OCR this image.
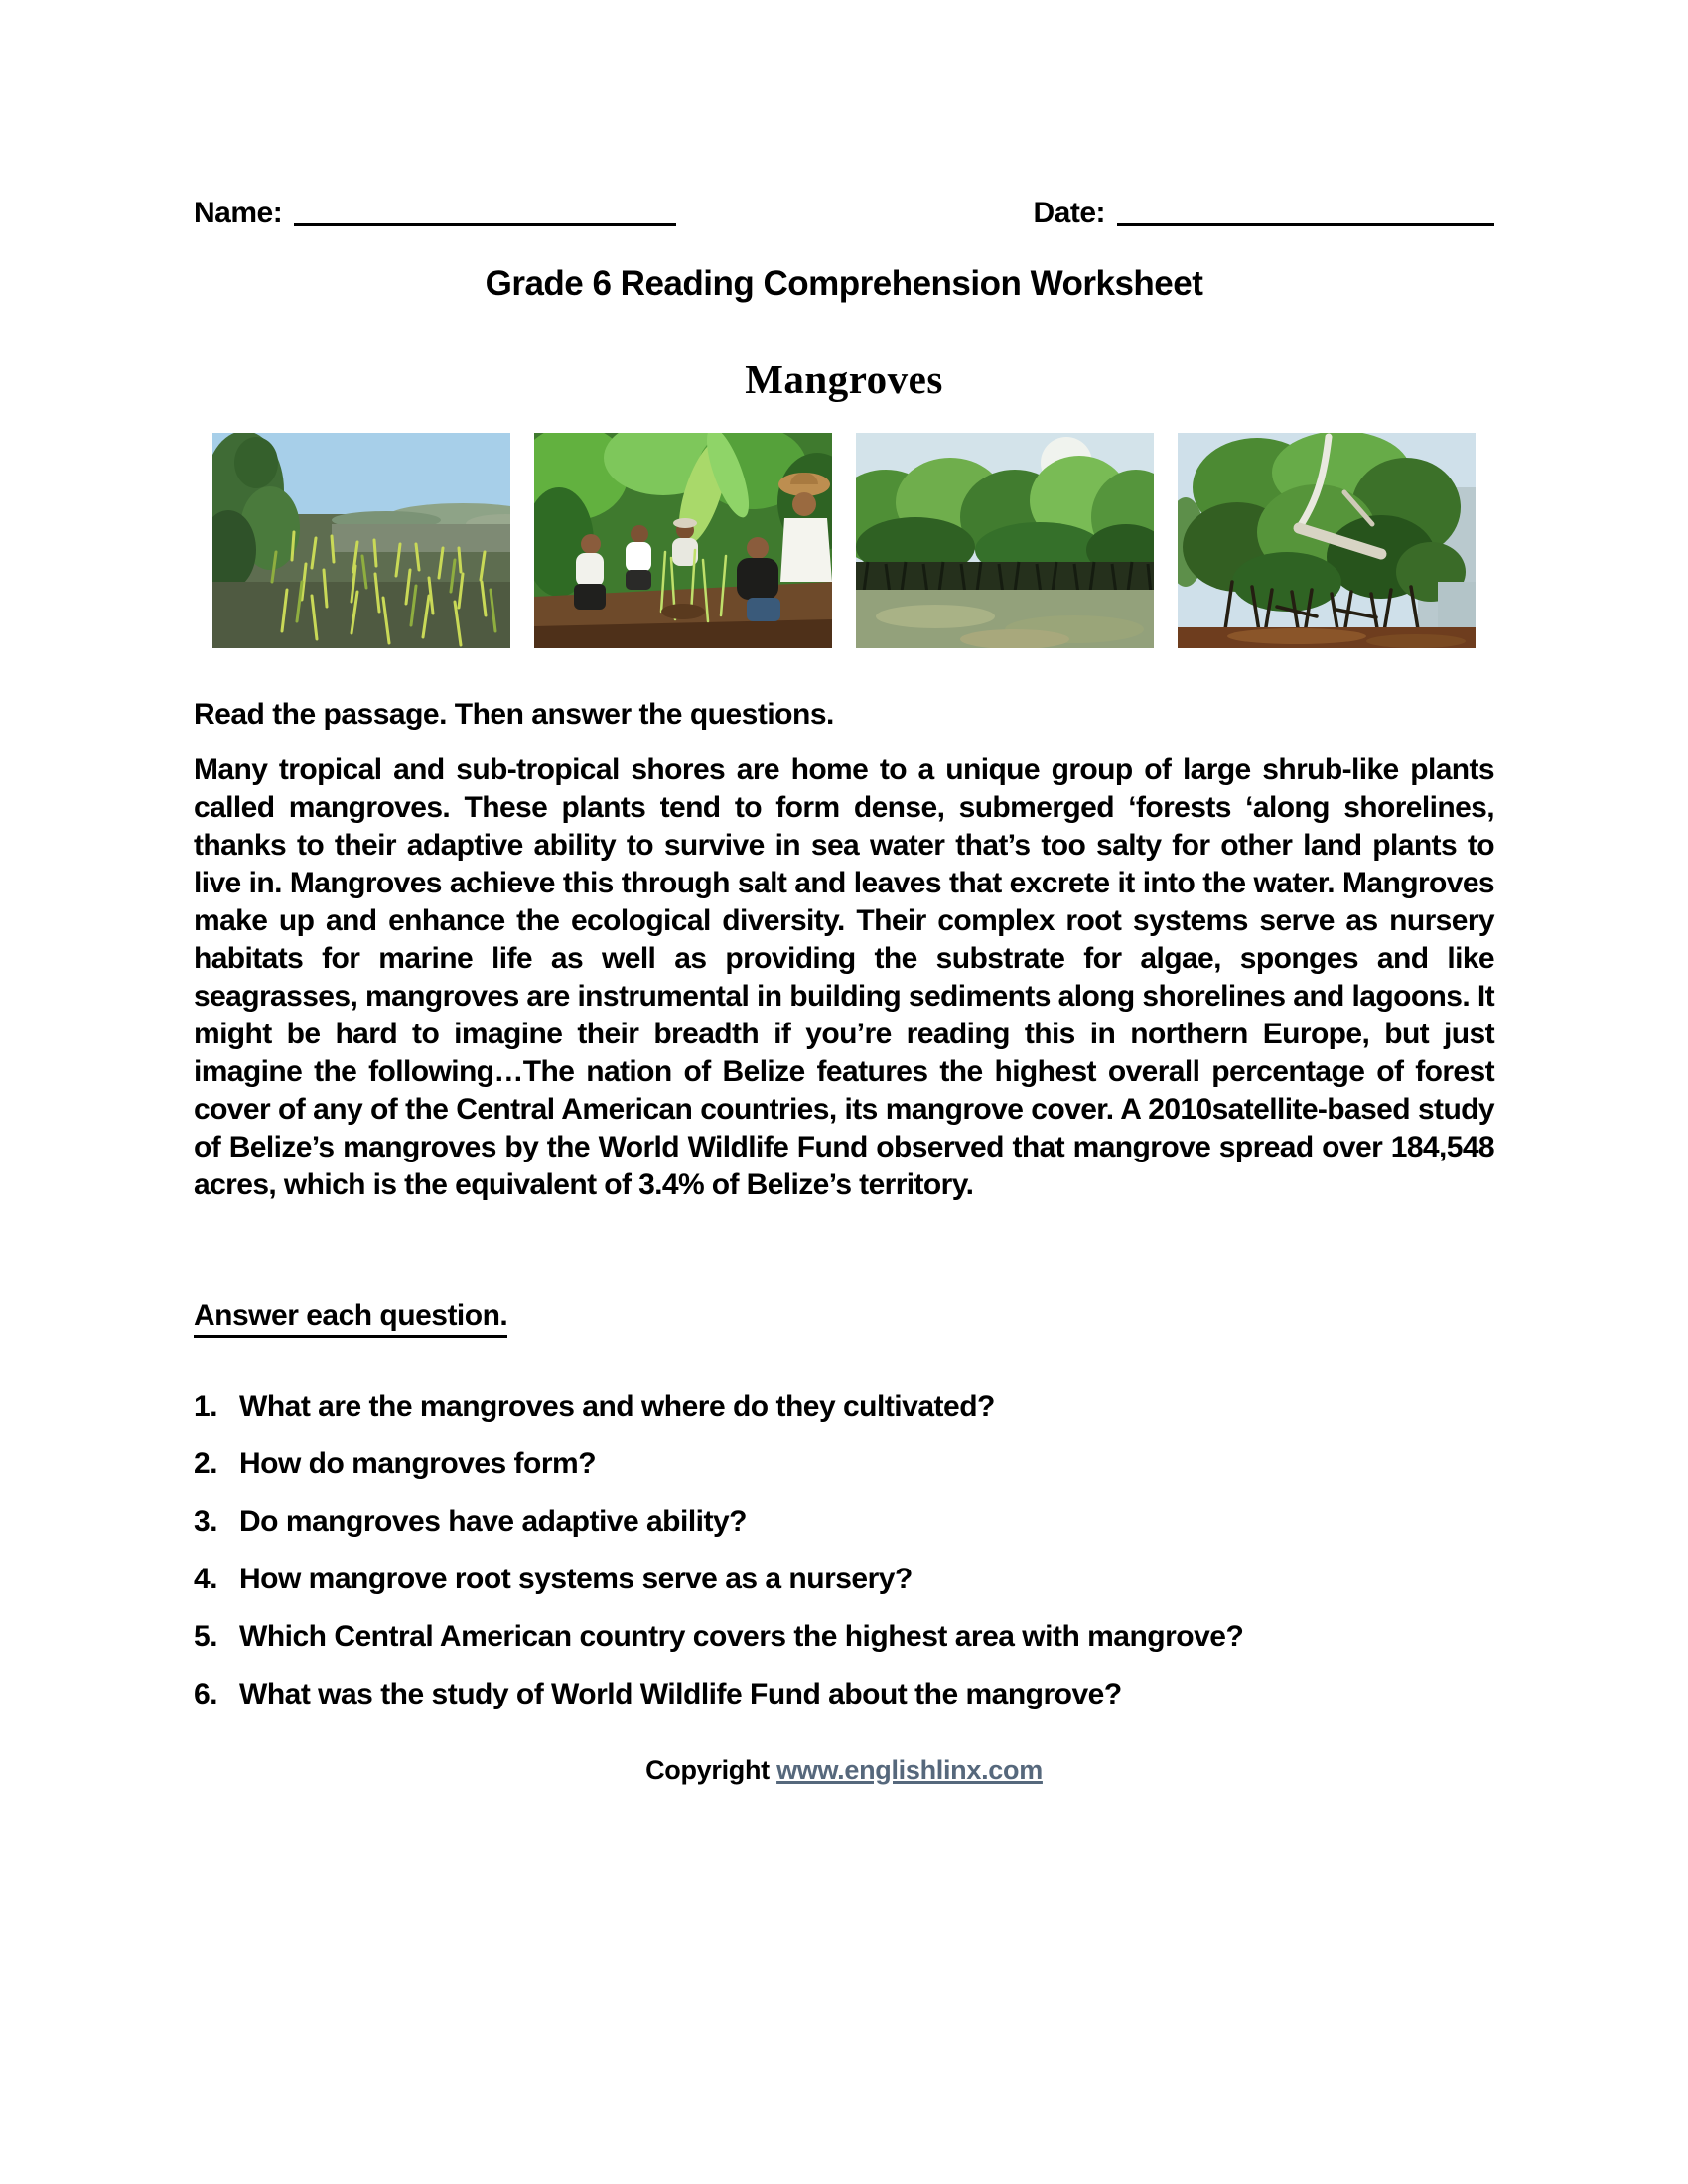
Name:	Date:
Grade 6 Reading Comprehension Worksheet
Mangroves

Read the passage. Then answer the questions.

Many tropical and sub-tropical shores are home to a unique group of large shrub-like plants called mangroves. These plants tend to form dense, submerged ‘forests ‘along shorelines, thanks to their adaptive ability to survive in sea water that’s too salty for other land plants to live in. Mangroves achieve this through salt and leaves that excrete it into the water. Mangroves make up and enhance the ecological diversity. Their complex root systems serve as nursery habitats for marine life as well as providing the substrate for algae, sponges and like seagrasses, mangroves are instrumental in building sediments along shorelines and lagoons. It might be hard to imagine their breadth if you’re reading this in northern Europe, but just imagine the following…The nation of Belize features the highest overall percentage of forest cover of any of the Central American countries, its mangrove cover. A 2010satellite-based study of Belize’s mangroves by the World Wildlife Fund observed that mangrove spread over 184,548 acres, which is the equivalent of 3.4% of Belize’s territory.

Answer each question.

1. What are the mangroves and where do they cultivated?
2. How do mangroves form?
3. Do mangroves have adaptive ability?
4. How mangrove root systems serve as a nursery?
5. Which Central American country covers the highest area with mangrove?
6. What was the study of World Wildlife Fund about the mangrove?
Copyright www.englishlinx.com
